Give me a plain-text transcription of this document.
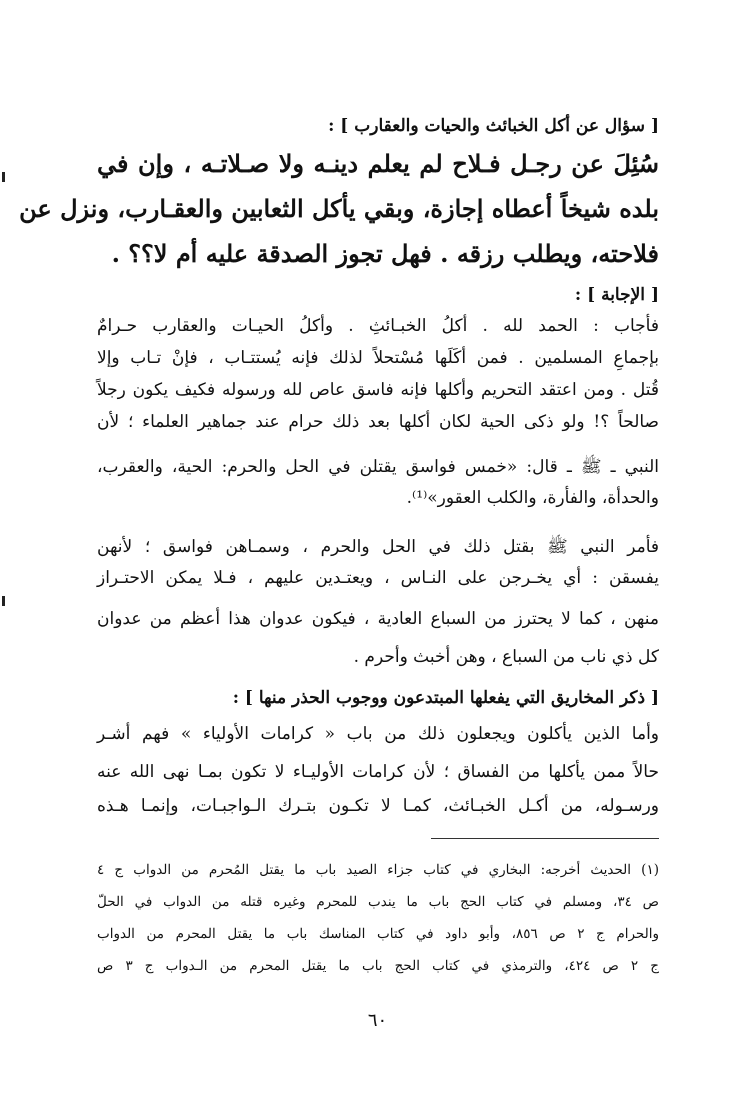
[ سؤال عن أكل الخبائث والحيات والعقارب ] :
سُئِلَ عن رجـل فـلاح لم يعلم دينـه ولا صـلاتـه ، وإن في
بلده شيخاً أعطاه إجازة، وبقي يأكل الثعابين والعقـارب، ونزل عن
فلاحته، ويطلب رزقه . فهل تجوز الصدقة عليه أم لا؟؟ .
[ الإجابة ] :
فأجاب : الحمد لله . أكلُ الخبـائثِ . وأكلُ الحيـات والعقارب حـرامٌ
بإجماعِ المسلمين . فمن أكَلَها مُسْتحلاً لذلك فإنه يُستتـاب ، فإنْ تـاب وإلا
قُتل . ومن اعتقد التحريم وأكلها فإنه فاسق عاص لله ورسوله فكيف يكون رجلاً
صالحاً ؟! ولو ذكى الحية لكان أكلها بعد ذلك حرام عند جماهير العلماء ؛ لأن
النبي ـ ﷺ ـ قال: «خمس فواسق يقتلن في الحل والحرم: الحية، والعقرب،
والحدأة، والفأرة، والكلب العقور»⁽¹⁾.
فأمر النبي ﷺ بقتل ذلك في الحل والحرم ، وسمـاهن فواسق ؛ لأنهن
يفسقن : أي يخـرجن على النـاس ، ويعتـدين عليهم ، فـلا يمكن الاحتـراز
منهن ، كما لا يحترز من السباع العادية ، فيكون عدوان هذا أعظم من عدوان
كل ذي ناب من السباع ، وهن أخبث وأحرم .
[ ذكر المخاريق التي يفعلها المبتدعون ووجوب الحذر منها ] :
وأما الذين يأكلون ويجعلون ذلك من باب « كرامات الأولياء » فهم أشـر
حالاً ممن يأكلها من الفساق ؛ لأن كرامات الأوليـاء لا تكون بمـا نهى الله عنه
ورسـوله، من أكـل الخبـائث، كمـا لا تكـون بتـرك الـواجبـات، وإنمـا هـذه
(١) الحديث أخرجه: البخاري في كتاب جزاء الصيد باب ما يقتل المُحرم من الدواب ج ٤
ص ٣٤، ومسلم في كتاب الحج باب ما يندب للمحرم وغيره قتله من الدواب في الحلّ
والحرام ج ٢ ص ٨٥٦، وأبو داود في كتاب المناسك باب ما يقتل المحرم من الدواب
ج ٢ ص ٤٢٤، والترمذي في كتاب الحج باب ما يقتل المحرم من الـدواب ج ٣ ص
٦٠
